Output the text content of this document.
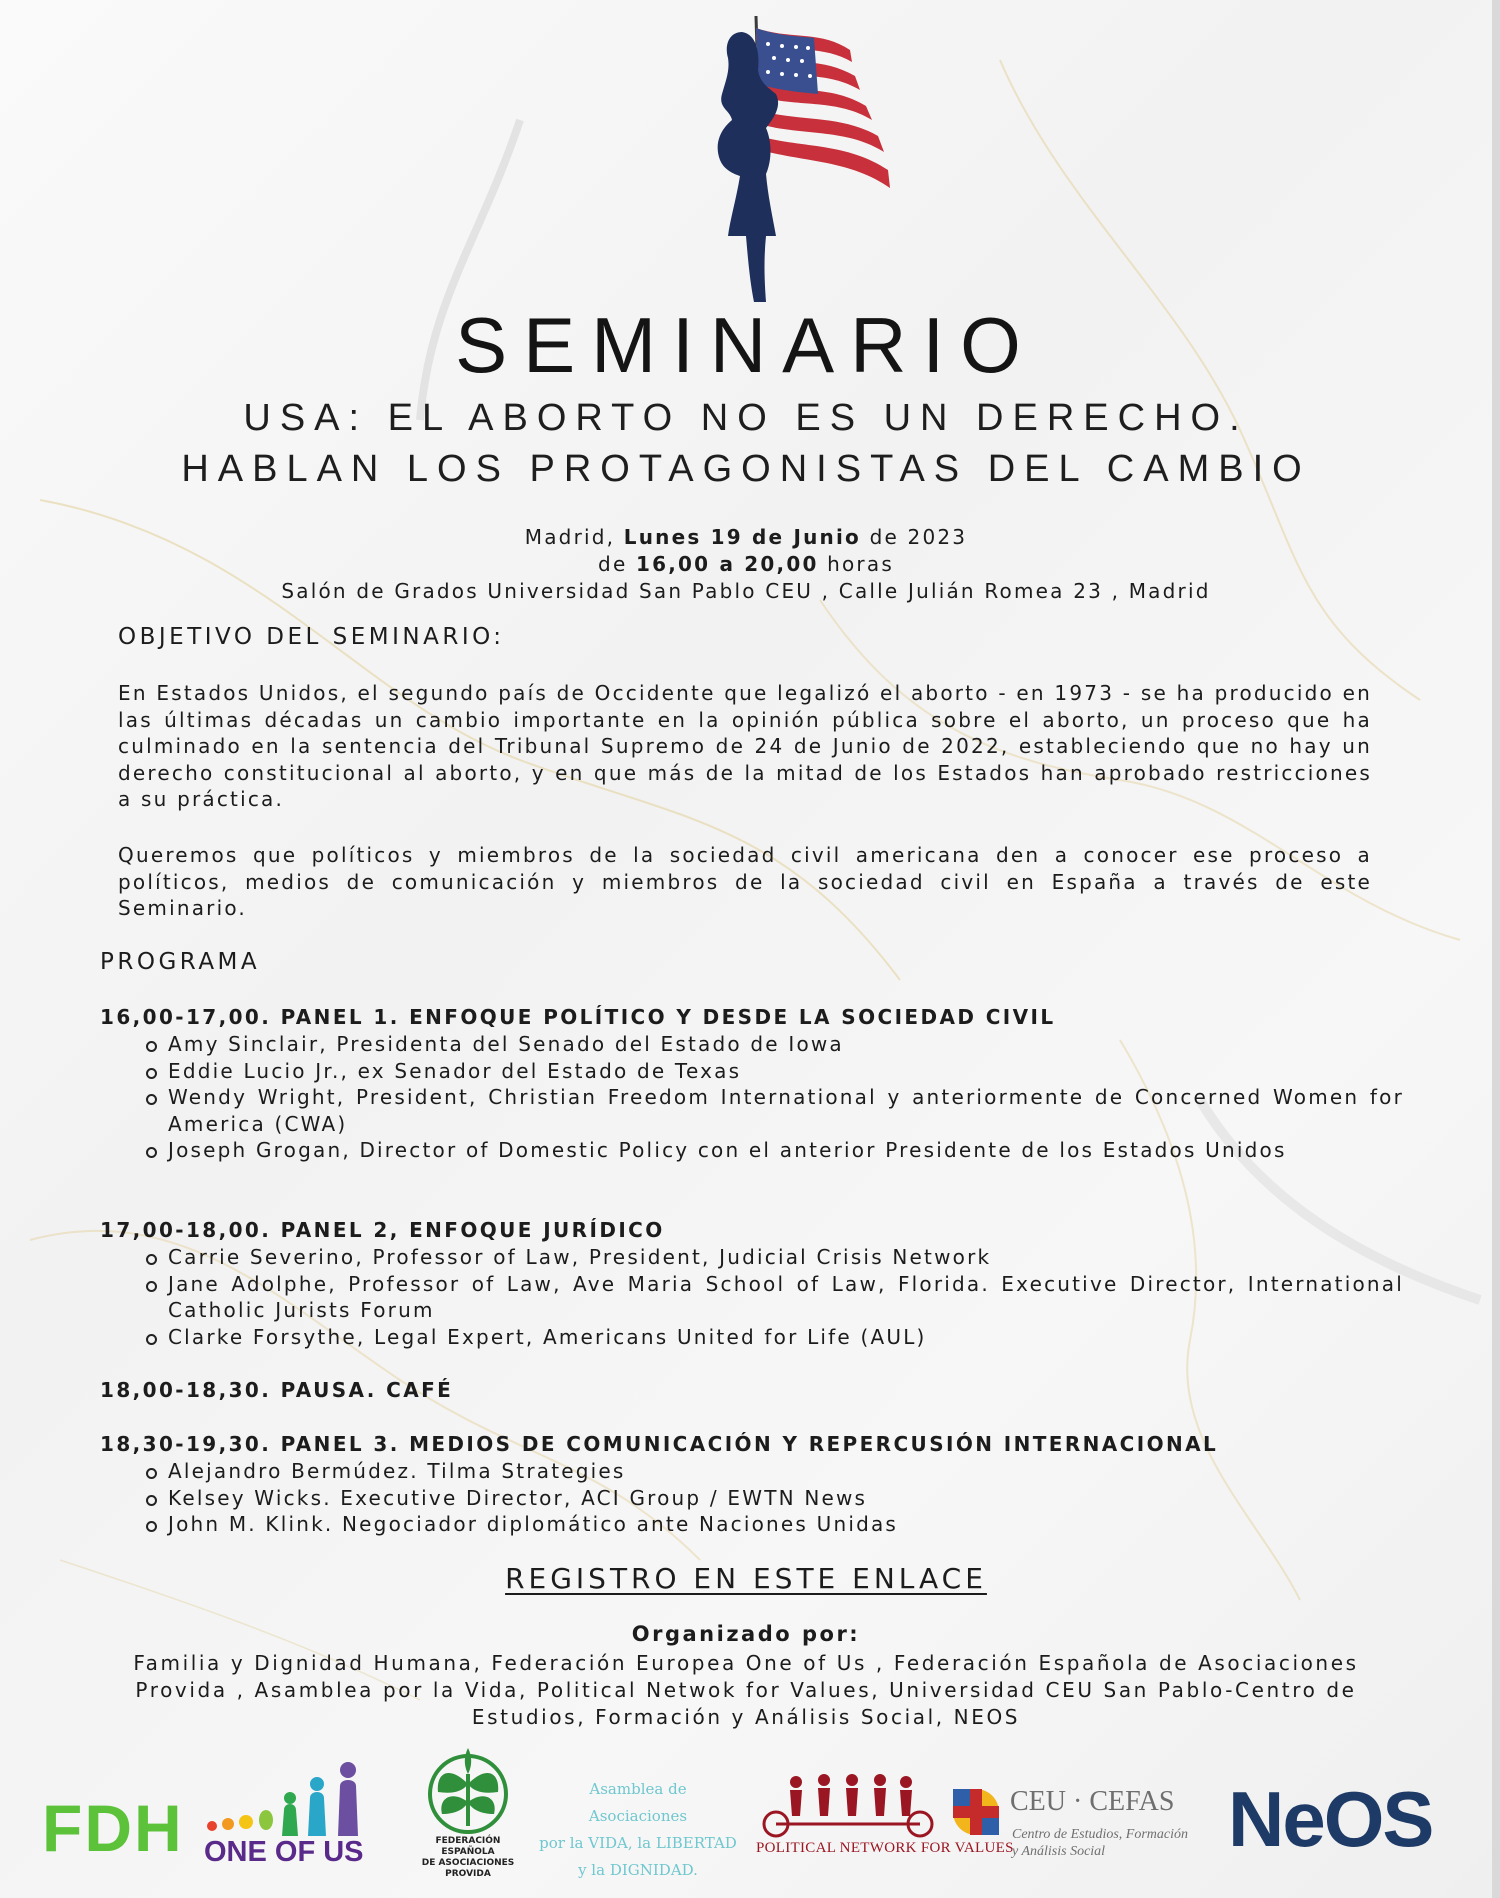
SEMINARIO
USA: EL ABORTO NO ES UN DERECHO.
HABLAN LOS PROTAGONISTAS DEL CAMBIO
Madrid, Lunes 19 de Junio de 2023
de 16,00 a 20,00 horas
Salón de Grados Universidad San Pablo CEU , Calle Julián Romea 23 , Madrid
OBJETIVO DEL SEMINARIO:

En Estados Unidos, el segundo país de Occidente que legalizó el aborto - en 1973 - se ha producido en las últimas décadas un cambio importante en la opinión pública sobre el aborto, un proceso que ha culminado en la sentencia del Tribunal Supremo de 24 de Junio de 2022, estableciendo que no hay un derecho constitucional al aborto, y en que más de la mitad de los Estados han aprobado restricciones a su práctica.

Queremos que políticos y miembros de la sociedad civil americana den a conocer ese proceso a políticos, medios de comunicación y miembros de la sociedad civil en España a través de este Seminario.

PROGRAMA
16,00-17,00. PANEL 1. ENFOQUE POLÍTICO Y DESDE LA SOCIEDAD CIVIL
Amy Sinclair, Presidenta del Senado del Estado de Iowa
Eddie Lucio Jr., ex Senador del Estado de Texas
Wendy Wright, President, Christian Freedom International y anteriormente de Concerned Women for America (CWA)
Joseph Grogan, Director of Domestic Policy con el anterior Presidente de los Estados Unidos
17,00-18,00. PANEL 2, ENFOQUE JURÍDICO
Carrie Severino, Professor of Law, President, Judicial Crisis Network
Jane Adolphe, Professor of Law, Ave Maria School of Law, Florida. Executive Director, International Catholic Jurists Forum
Clarke Forsythe, Legal Expert, Americans United for Life (AUL)
18,00-18,30. PAUSA. CAFÉ
18,30-19,30. PANEL 3. MEDIOS DE COMUNICACIÓN Y REPERCUSIÓN INTERNACIONAL
Alejandro Bermúdez. Tilma Strategies
Kelsey Wicks. Executive Director, ACI Group / EWTN News
John M. Klink. Negociador diplomático ante Naciones Unidas
REGISTRO EN ESTE ENLACE
Organizado por:
Familia y Dignidad Humana, Federación Europea One of Us , Federación Española de Asociaciones Provida , Asamblea por la Vida, Political Netwok for Values, Universidad CEU San Pablo-Centro de Estudios, Formación y Análisis Social, NEOS
FDH ONE OF US	FEDERACIÓN ESPAÑOLA
DE ASOCIACIONES PROVIDA
Asamblea de Asociaciones
por la VIDA, la LIBERTAD
y la DIGNIDAD.
POLITICAL NETWORK FOR VALUES
CEU · CEFAS
Centro de Estudios, Formación
y Análisis Social	NeOS
